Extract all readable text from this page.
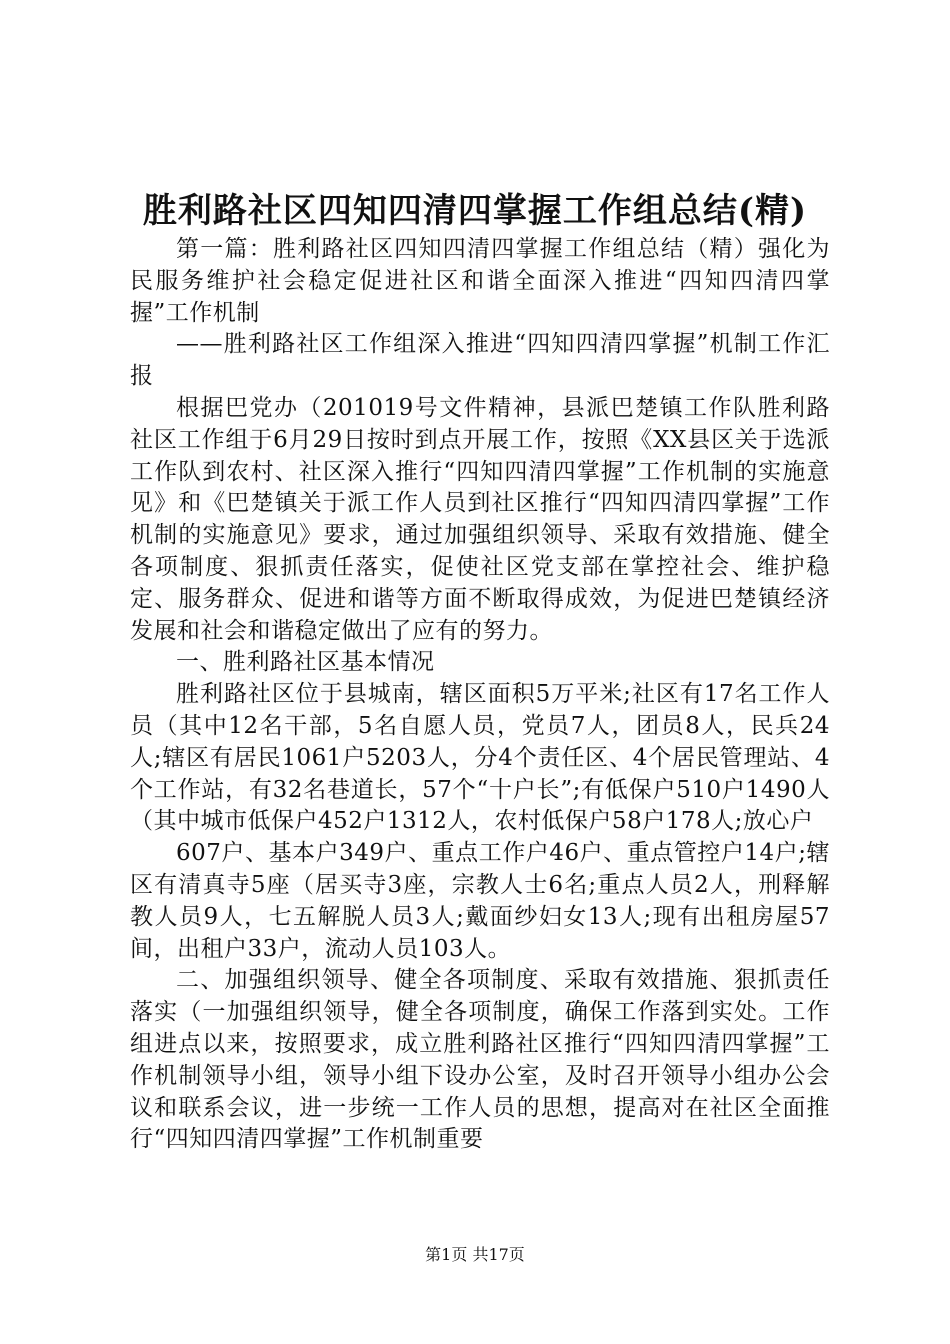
胜利路社区四知四清四掌握工作组总结(精)

第一篇：胜利路社区四知四清四掌握工作组总结（精）强化为民服务维护社会稳定促进社区和谐全面深入推进“四知四清四掌握”工作机制

——胜利路社区工作组深入推进“四知四清四掌握”机制工作汇报

根据巴党办（201019号文件精神，县派巴楚镇工作队胜利路社区工作组于6月29日按时到点开展工作，按照《XX县区关于选派工作队到农村、社区深入推行“四知四清四掌握”工作机制的实施意见》和《巴楚镇关于派工作人员到社区推行“四知四清四掌握”工作机制的实施意见》要求，通过加强组织领导、采取有效措施、健全各项制度、狠抓责任落实，促使社区党支部在掌控社会、维护稳定、服务群众、促进和谐等方面不断取得成效，为促进巴楚镇经济发展和社会和谐稳定做出了应有的努力。

一、胜利路社区基本情况

胜利路社区位于县城南，辖区面积5万平米;社区有17名工作人员（其中12名干部，5名自愿人员，党员7人，团员8人，民兵24人;辖区有居民1061户5203人，分4个责任区、4个居民管理站、4个工作站，有32名巷道长，57个“十户长”;有低保户510户1490人（其中城市低保户452户1312人，农村低保户58户178人;放心户

607户、基本户349户、重点工作户46户、重点管控户14户;辖区有清真寺5座（居买寺3座，宗教人士6名;重点人员2人，刑释解教人员9人，七五解脱人员3人;戴面纱妇女13人;现有出租房屋57间，出租户33户，流动人员103人。

二、加强组织领导、健全各项制度、采取有效措施、狠抓责任落实（一加强组织领导，健全各项制度，确保工作落到实处。工作组进点以来，按照要求，成立胜利路社区推行“四知四清四掌握”工作机制领导小组，领导小组下设办公室，及时召开领导小组办公会议和联系会议，进一步统一工作人员的思想，提高对在社区全面推行“四知四清四掌握”工作机制重要

第1页 共17页
